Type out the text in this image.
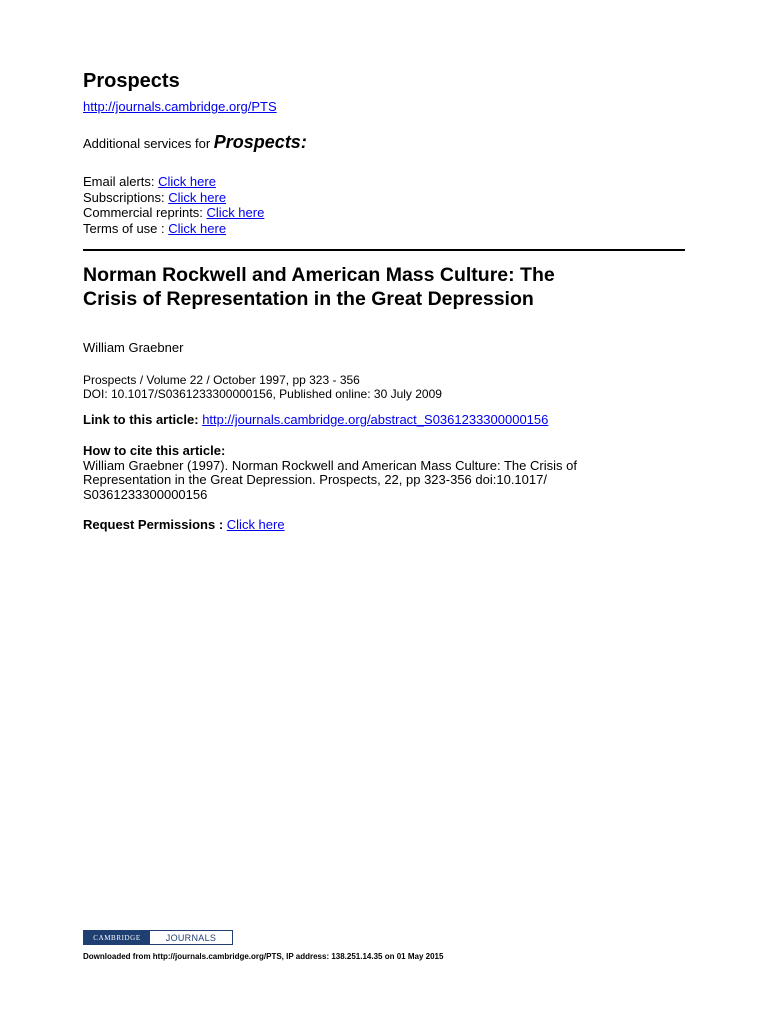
Prospects
http://journals.cambridge.org/PTS
Additional services for Prospects:
Email alerts: Click here
Subscriptions: Click here
Commercial reprints: Click here
Terms of use : Click here
Norman Rockwell and American Mass Culture: The
Crisis of Representation in the Great Depression
William Graebner
Prospects / Volume 22 / October 1997, pp 323 - 356
DOI: 10.1017/S0361233300000156, Published online: 30 July 2009
Link to this article: http://journals.cambridge.org/abstract_S0361233300000156
How to cite this article:
William Graebner (1997). Norman Rockwell and American Mass Culture: The Crisis of
Representation in the Great Depression. Prospects, 22, pp 323-356 doi:10.1017/
S0361233300000156
Request Permissions : Click here
CAMBRIDGE	JOURNALS
Downloaded from http://journals.cambridge.org/PTS, IP address: 138.251.14.35 on 01 May 2015
